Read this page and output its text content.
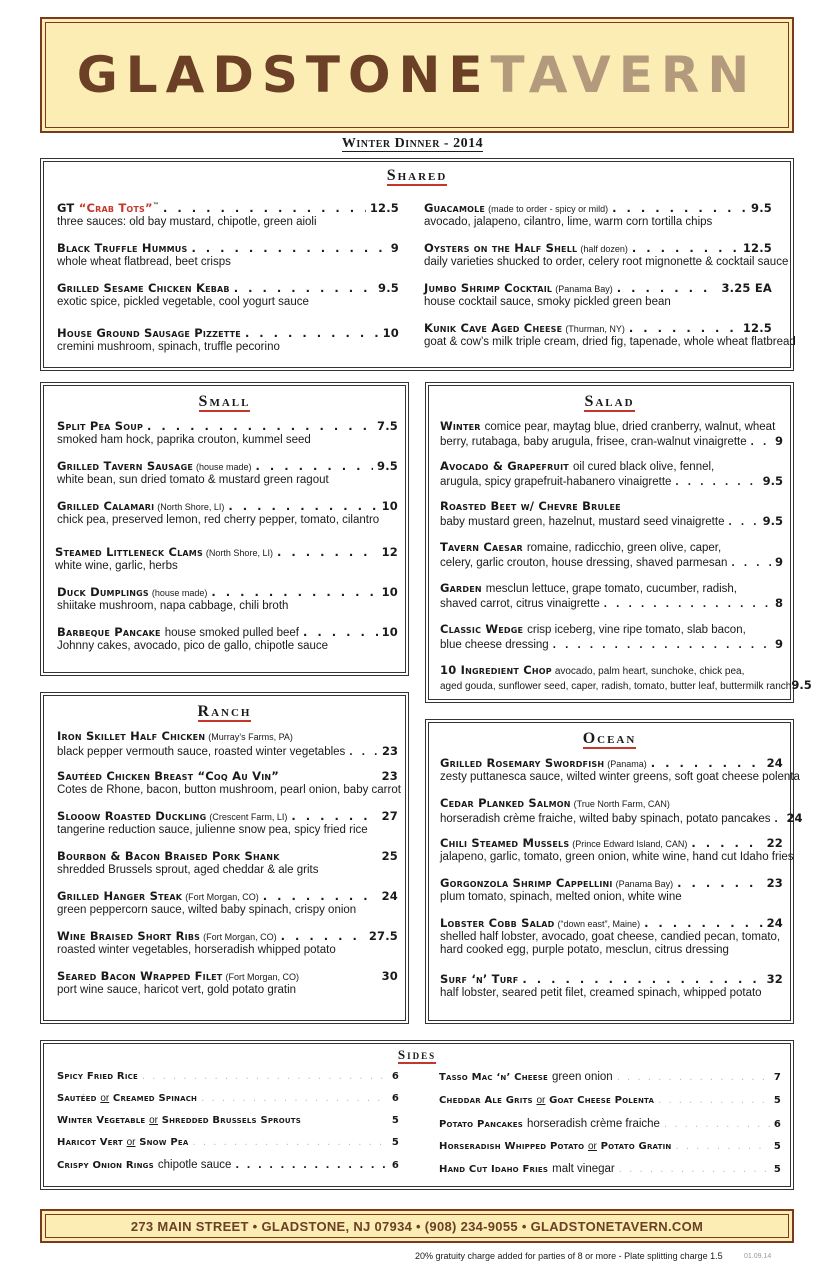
GLADSTONETAVERN
Winter Dinner - 2014
Shared
GT “Crab Tots”™ . . .	12.5
three sauces: old bay mustard, chipotle, green aioli
Black Truffle Hummus . . .	9
whole wheat flatbread, beet crisps
Grilled Sesame Chicken Kebab . . .	9.5
exotic spice, pickled vegetable, cool yogurt sauce
House Ground Sausage Pizzette . . .	10
cremini mushroom, spinach, truffle pecorino
Guacamole (made to order - spicy or mild) . . .	9.5
avocado, jalapeno, cilantro, lime, warm corn tortilla chips
Oysters on the Half Shell (half dozen) . . .	12.5
daily varieties shucked to order, celery root mignonette & cocktail sauce
Jumbo Shrimp Cocktail (Panama Bay) . . .	3.25 EA
house cocktail sauce, smoky pickled green bean
Kunik Cave Aged Cheese (Thurman, NY) . . .	12.5
goat & cow’s milk triple cream, dried fig, tapenade, whole wheat flatbread
Small
Split Pea Soup . . .	7.5
smoked ham hock, paprika crouton, kummel seed
Grilled Tavern Sausage (house made) . . .	9.5
white bean, sun dried tomato & mustard green ragout
Grilled Calamari (North Shore, LI) . . .	10
chick pea, preserved lemon, red cherry pepper, tomato, cilantro
Steamed Littleneck Clams (North Shore, LI) . . .	12
white wine, garlic, herbs
Duck Dumplings (house made) . . .	10
shiitake mushroom, napa cabbage, chili broth
Barbeque Pancake house smoked pulled beef . . .	10
Johnny cakes, avocado, pico de gallo, chipotle sauce
Salad
Winter comice pear, maytag blue, dried cranberry, walnut, wheat
berry, rutabaga, baby arugula, frisee, cran-walnut vinaigrette . . . 9
Avocado & Grapefruit oil cured black olive, fennel,
arugula, spicy grapefruit-habanero vinaigrette . . .	9.5
Roasted Beet w/ Chevre Brulee
baby mustard green, hazelnut, mustard seed vinaigrette . . .	9.5
Tavern Caesar romaine, radicchio, green olive, caper,
celery, garlic crouton, house dressing, shaved parmesan . . .	9
Garden mesclun lettuce, grape tomato, cucumber, radish,
shaved carrot, citrus vinaigrette . . .	8
Classic Wedge crisp iceberg, vine ripe tomato, slab bacon,
blue cheese dressing . . .	9
10 Ingredient Chop avocado, palm heart, sunchoke, chick pea,
aged gouda, sunflower seed, caper, radish, tomato, butter leaf, buttermilk ranch 9.5
Ranch
Iron Skillet Half Chicken (Murray’s Farms, PA)
black pepper vermouth sauce, roasted winter vegetables . . .	23
Sautéed Chicken Breast “Coq Au Vin”	23
Cotes de Rhone, bacon, button mushroom, pearl onion, baby carrot
Slooow Roasted Duckling (Crescent Farm, LI) . . .	27
tangerine reduction sauce, julienne snow pea, spicy fried rice
Bourbon & Bacon Braised Pork Shank	25
shredded Brussels sprout, aged cheddar & ale grits
Grilled Hanger Steak (Fort Morgan, CO) . . .	24
green peppercorn sauce, wilted baby spinach, crispy onion
Wine Braised Short Ribs (Fort Morgan, CO) . . .	27.5
roasted winter vegetables, horseradish whipped potato
Seared Bacon Wrapped Filet (Fort Morgan, CO)	30
port wine sauce, haricot vert, gold potato gratin
Ocean
Grilled Rosemary Swordfish (Panama) . . .	24
zesty puttanesca sauce, wilted winter greens, soft goat cheese polenta
Cedar Planked Salmon (True North Farm, CAN)
horseradish crème fraiche, wilted baby spinach, potato pancakes . . . 24
Chili Steamed Mussels (Prince Edward Island, CAN) . . .	22
jalapeno, garlic, tomato, green onion, white wine, hand cut Idaho fries
Gorgonzola Shrimp Cappellini (Panama Bay) . . .	23
plum tomato, spinach, melted onion, white wine
Lobster Cobb Salad (“down east”, Maine) . . .	24
shelled half lobster, avocado, goat cheese, candied pecan, tomato,
hard cooked egg, purple potato, mesclun, citrus dressing
Surf ‘n’ Turf . . .	32
half lobster, seared petit filet, creamed spinach, whipped potato
Sides
Spicy Fried Rice . . .	6
Sautéed or Creamed Spinach . . .	6
Winter Vegetable or Shredded Brussels Sprouts	5
Haricot Vert or Snow Pea . . .	5
Crispy Onion Rings chipotle sauce . . .	6
Tasso Mac ‘n’ Cheese green onion . . .	7
Cheddar Ale Grits or Goat Cheese Polenta . . .	5
Potato Pancakes horseradish crème fraiche . . .	6
Horseradish Whipped Potato or Potato Gratin . . .	5
Hand Cut Idaho Fries malt vinegar . . .	5
273 MAIN STREET • GLADSTONE, NJ 07934 • (908) 234-9055 • GLADSTONETAVERN.COM
20% gratuity charge added for parties of 8 or more - Plate splitting charge 1.5	01.09.14
